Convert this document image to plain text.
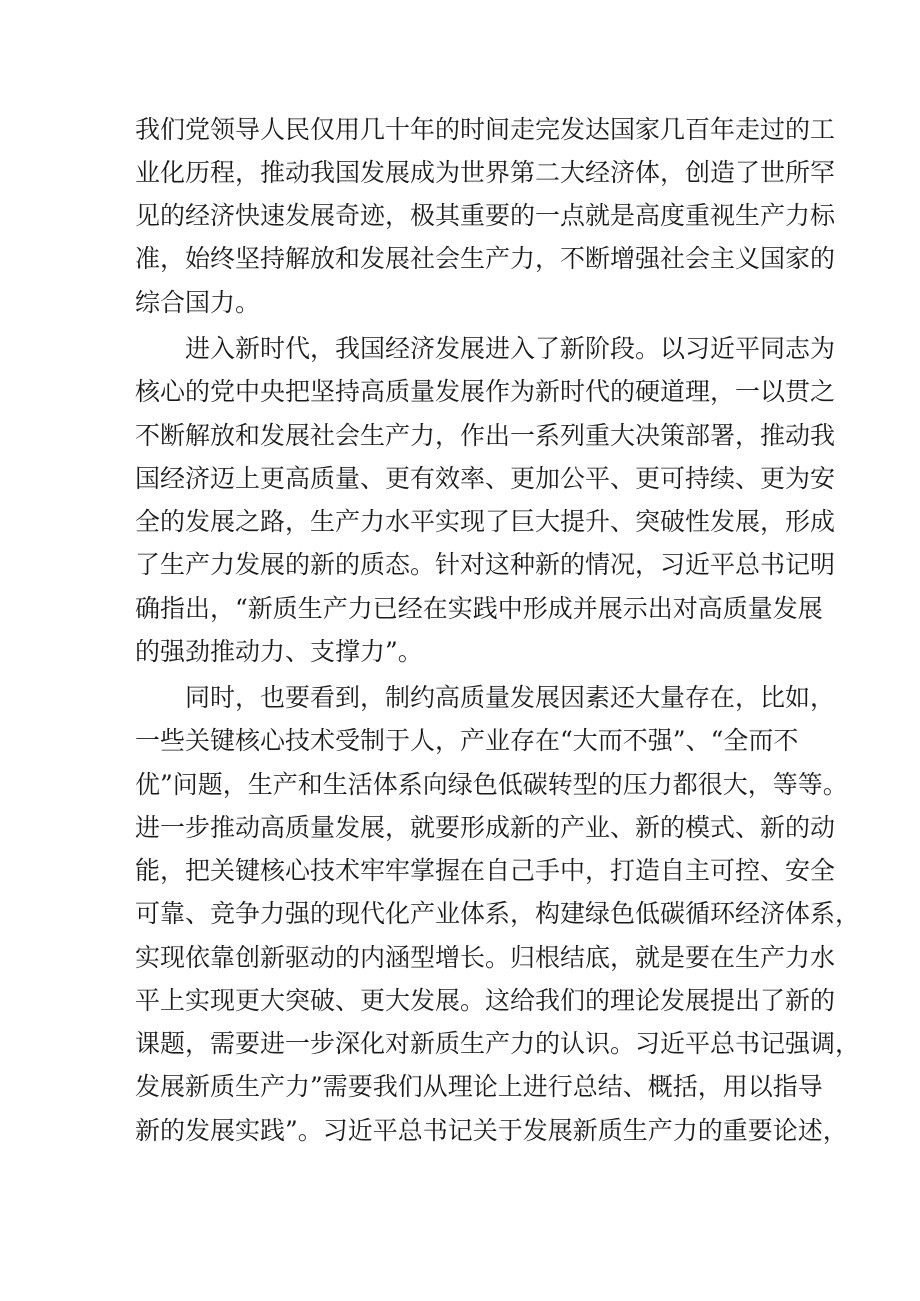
我们党领导人民仅用几十年的时间走完发达国家几百年走过的工
业化历程，推动我国发展成为世界第二大经济体，创造了世所罕
见的经济快速发展奇迹，极其重要的一点就是高度重视生产力标
准，始终坚持解放和发展社会生产力，不断增强社会主义国家的
综合国力。
进入新时代，我国经济发展进入了新阶段。以习近平同志为
核心的党中央把坚持高质量发展作为新时代的硬道理，一以贯之
不断解放和发展社会生产力，作出一系列重大决策部署，推动我
国经济迈上更高质量、更有效率、更加公平、更可持续、更为安
全的发展之路，生产力水平实现了巨大提升、突破性发展，形成
了生产力发展的新的质态。针对这种新的情况，习近平总书记明
确指出，“新质生产力已经在实践中形成并展示出对高质量发展
的强劲推动力、支撑力”。
同时，也要看到，制约高质量发展因素还大量存在，比如，
一些关键核心技术受制于人，产业存在“大而不强”、“全而不
优”问题，生产和生活体系向绿色低碳转型的压力都很大，等等。
进一步推动高质量发展，就要形成新的产业、新的模式、新的动
能，把关键核心技术牢牢掌握在自己手中，打造自主可控、安全
可靠、竞争力强的现代化产业体系，构建绿色低碳循环经济体系，
实现依靠创新驱动的内涵型增长。归根结底，就是要在生产力水
平上实现更大突破、更大发展。这给我们的理论发展提出了新的
课题，需要进一步深化对新质生产力的认识。习近平总书记强调，
发展新质生产力”需要我们从理论上进行总结、概括，用以指导
新的发展实践”。习近平总书记关于发展新质生产力的重要论述，
